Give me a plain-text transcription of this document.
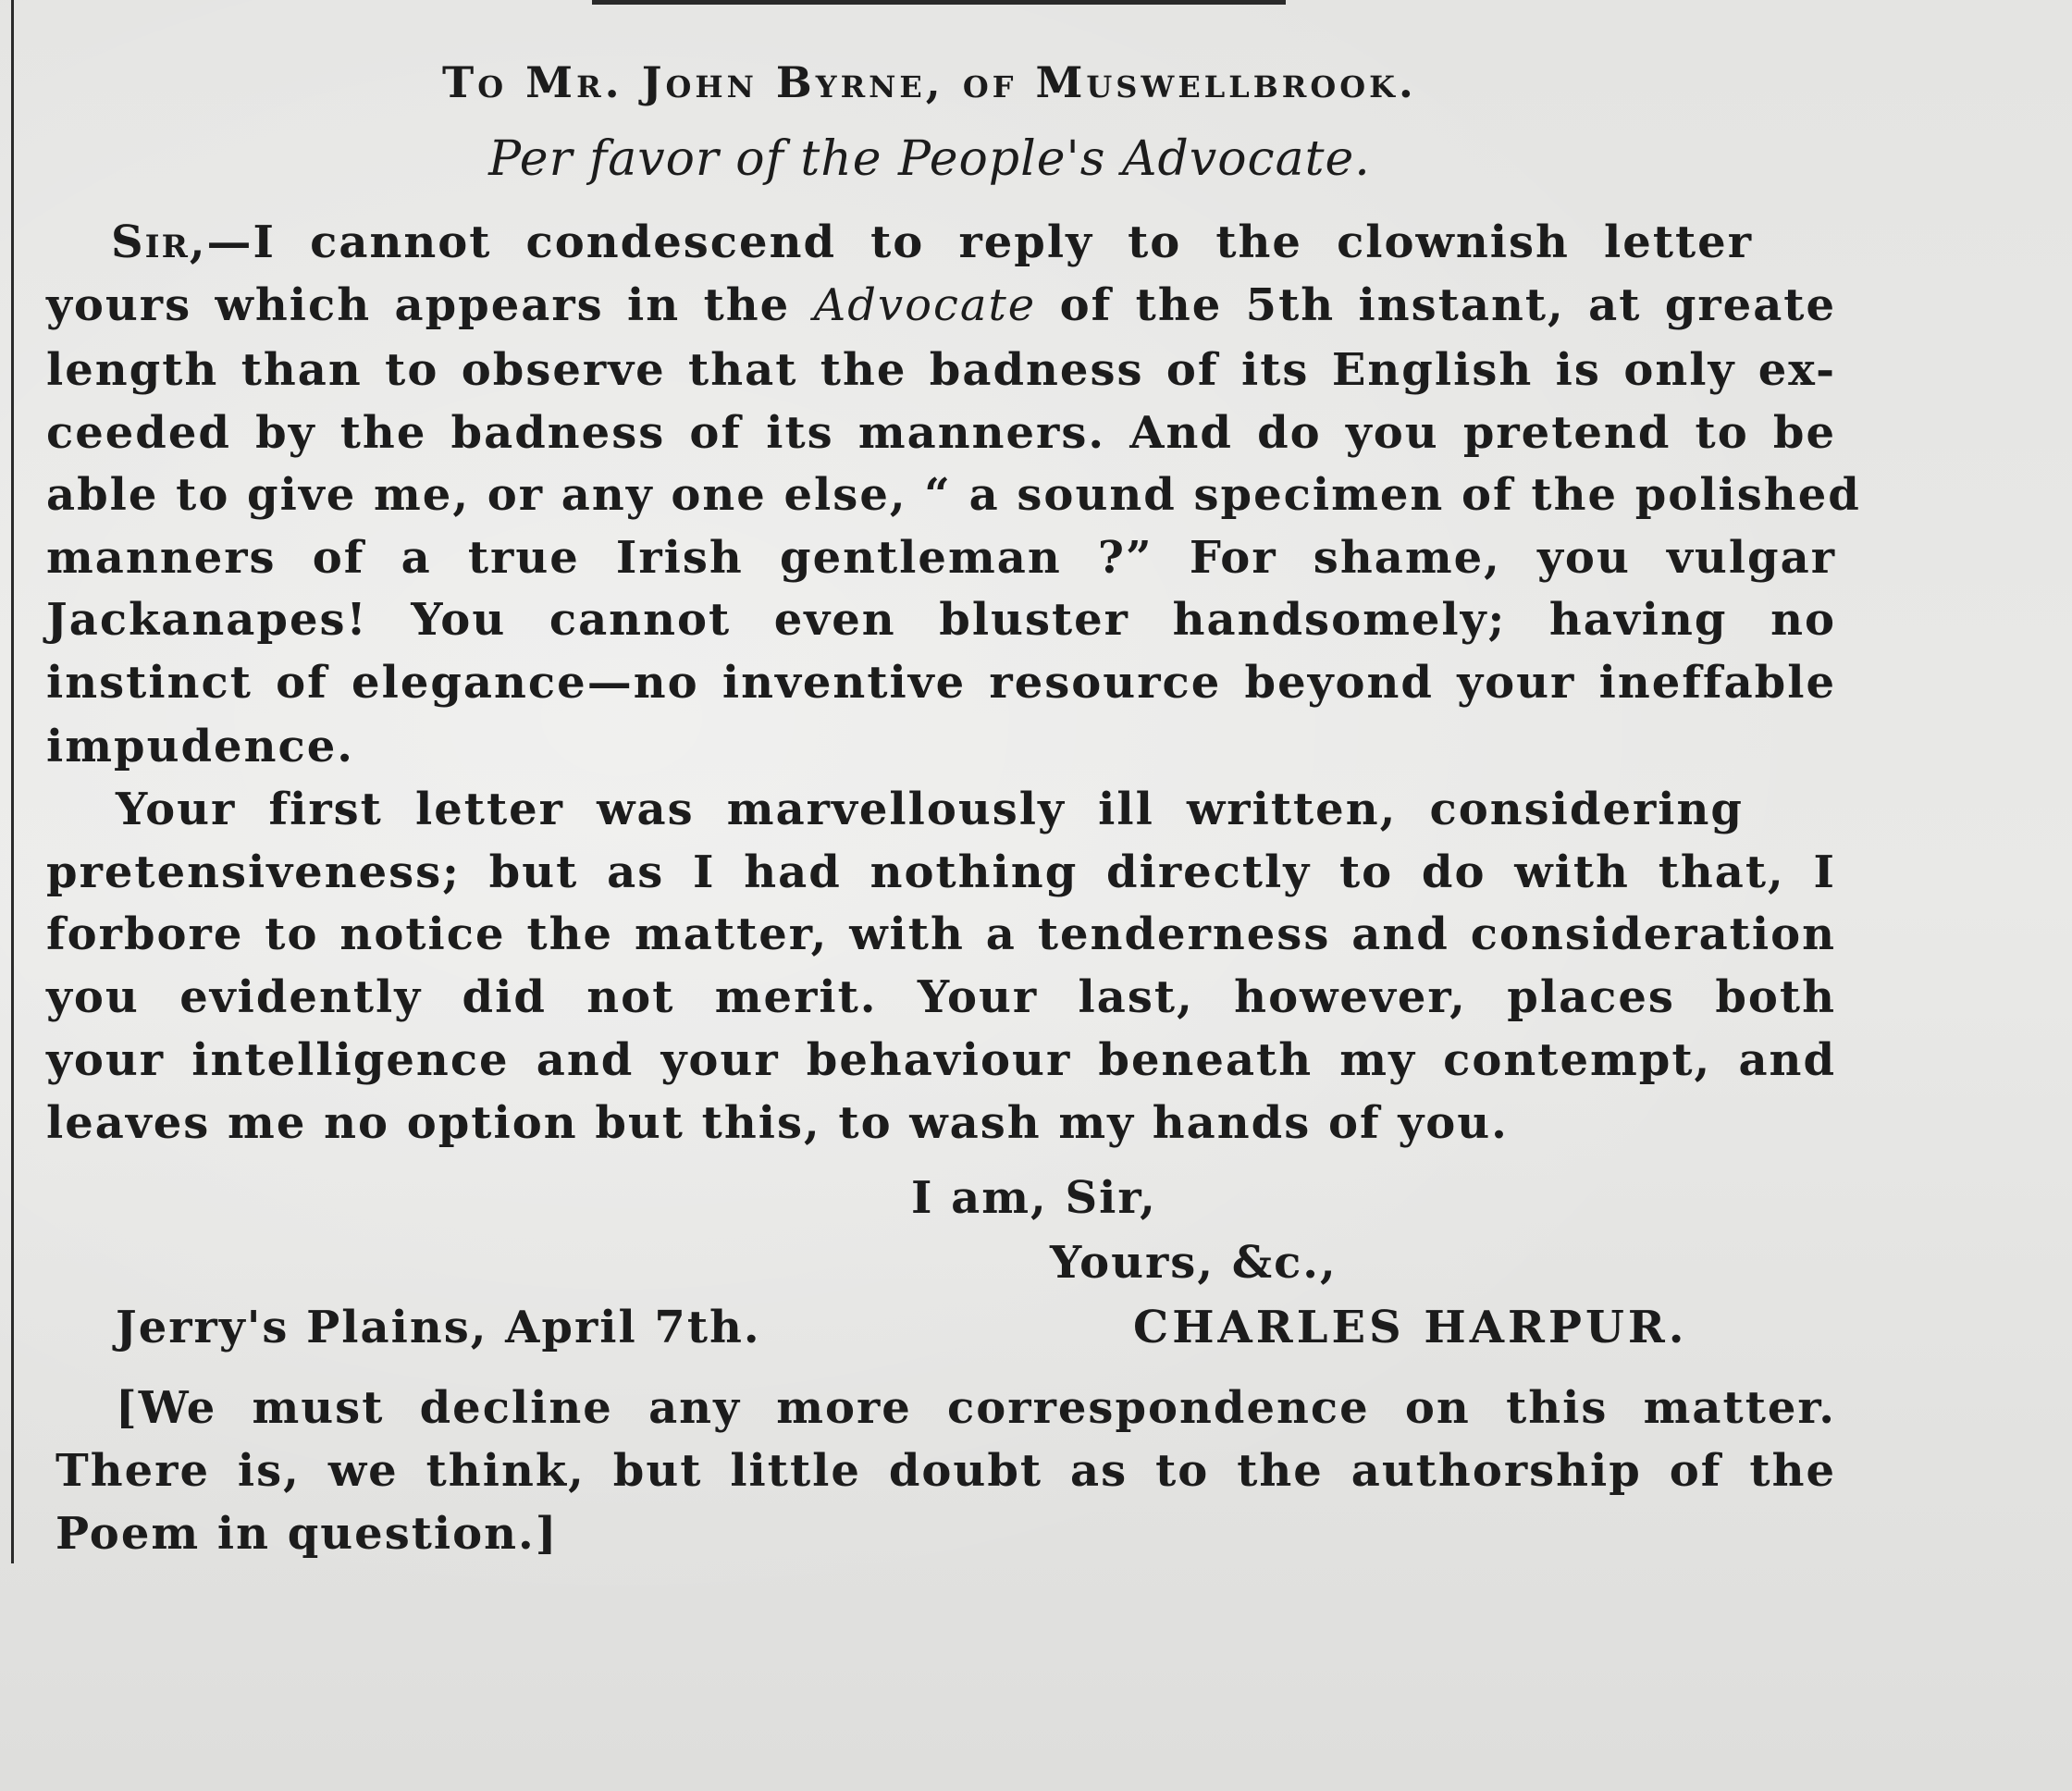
To Mr. John Byrne, of Muswellbrook.
Per favor of the People's Advocate.
Sir,—I cannot condescend to reply to the clownish letter
yours which appears in the Advocate of the 5th instant, at greate
length than to observe that the badness of its English is only ex-
ceeded by the badness of its manners. And do you pretend to be
able to give me, or any one else, “ a sound specimen of the polished
manners of a true Irish gentleman ?” For shame, you vulgar
Jackanapes! You cannot even bluster handsomely; having no
instinct of elegance—no inventive resource beyond your ineffable
impudence.
Your first letter was marvellously ill written, considering
pretensiveness; but as I had nothing directly to do with that, I
forbore to notice the matter, with a tenderness and consideration
you evidently did not merit. Your last, however, places both
your intelligence and your behaviour beneath my contempt, and
leaves me no option but this, to wash my hands of you.
I am, Sir,
Yours, &c.,
Jerry's Plains, April 7th.	CHARLES HARPUR.
[We must decline any more correspondence on this matter.
There is, we think, but little doubt as to the authorship of the
Poem in question.]
